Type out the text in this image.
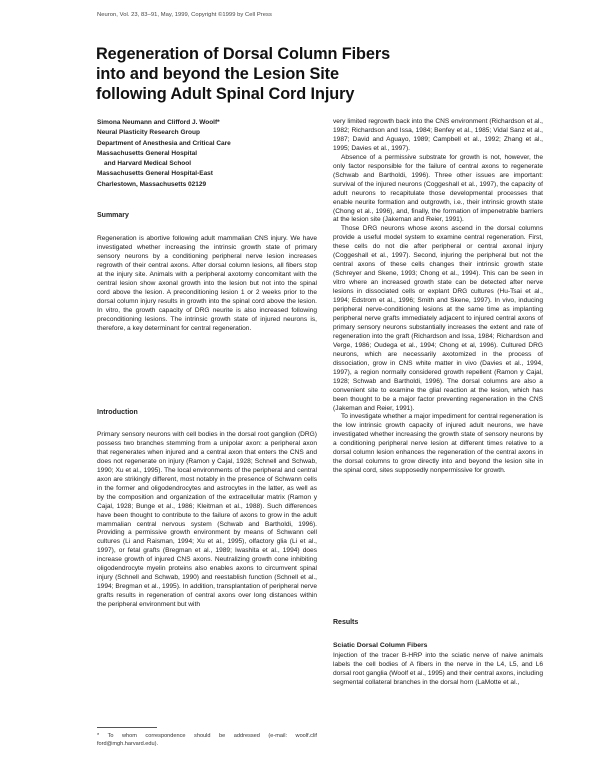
Neuron, Vol. 23, 83–91, May, 1999, Copyright ©1999 by Cell Press
Regeneration of Dorsal Column Fibers
into and beyond the Lesion Site
following Adult Spinal Cord Injury
Simona Neumann and Clifford J. Woolf*
Neural Plasticity Research Group
Department of Anesthesia and Critical Care
Massachusetts General Hospital
and Harvard Medical School
Massachusetts General Hospital-East
Charlestown, Massachusetts 02129
Summary

Regeneration is abortive following adult mammalian CNS injury. We have investigated whether increasing the intrinsic growth state of primary sensory neurons by a conditioning peripheral nerve lesion increases regrowth of their central axons. After dorsal column lesions, all fibers stop at the injury site. Animals with a peripheral axotomy concomitant with the central lesion show axonal growth into the lesion but not into the spinal cord above the lesion. A preconditioning lesion 1 or 2 weeks prior to the dorsal column injury results in growth into the spinal cord above the lesion. In vitro, the growth capacity of DRG neurite is also increased following preconditioning lesions. The intrinsic growth state of injured neurons is, therefore, a key determinant for central regeneration.

Introduction

Primary sensory neurons with cell bodies in the dorsal root ganglion (DRG) possess two branches stemming from a unipolar axon: a peripheral axon that regenerates when injured and a central axon that enters the CNS and does not regenerate on injury (Ramon y Cajal, 1928; Schnell and Schwab, 1990; Xu et al., 1995). The local environments of the peripheral and central axon are strikingly different, most notably in the presence of Schwann cells in the former and oligodendrocytes and astrocytes in the latter, as well as by the composition and organization of the extracellular matrix (Ramon y Cajal, 1928; Bunge et al., 1986; Kleitman et al., 1988). Such differences have been thought to contribute to the failure of axons to grow in the adult mammalian central nervous system (Schwab and Bartholdi, 1996). Providing a permissive growth environment by means of Schwann cell cultures (Li and Raisman, 1994; Xu et al., 1995), olfactory glia (Li et al., 1997), or fetal grafts (Bregman et al., 1989; Iwashita et al., 1994) does increase growth of injured CNS axons. Neutralizing growth cone inhibiting oligodendrocyte myelin proteins also enables axons to circumvent spinal injury (Schnell and Schwab, 1990) and reestablish function (Schnell et al., 1994; Bregman et al., 1995). In addition, transplantation of peripheral nerve grafts results in regeneration of central axons over long distances within the peripheral environment but with

* To whom correspondence should be addressed (e-mail: woolf.clif ford@mgh.harvard.edu).

very limited regrowth back into the CNS environment (Richardson et al., 1982; Richardson and Issa, 1984; Benfey et al., 1985; Vidal Sanz et al., 1987; David and Aguayo, 1989; Campbell et al., 1992; Zhang et al., 1995; Davies et al., 1997).

Absence of a permissive substrate for growth is not, however, the only factor responsible for the failure of central axons to regenerate (Schwab and Bartholdi, 1996). Three other issues are important: survival of the injured neurons (Coggeshall et al., 1997), the capacity of adult neurons to recapitulate those developmental processes that enable neurite formation and outgrowth, i.e., their intrinsic growth state (Chong et al., 1996), and, finally, the formation of impenetrable barriers at the lesion site (Jakeman and Reier, 1991).

Those DRG neurons whose axons ascend in the dorsal columns provide a useful model system to examine central regeneration. First, these cells do not die after peripheral or central axonal injury (Coggeshall et al., 1997). Second, injuring the peripheral but not the central axons of these cells changes their intrinsic growth state (Schreyer and Skene, 1993; Chong et al., 1994). This can be seen in vitro where an increased growth state can be detected after nerve lesions in dissociated cells or explant DRG cultures (Hu-Tsai et al., 1994; Edstrom et al., 1996; Smith and Skene, 1997). In vivo, inducing peripheral nerve-conditioning lesions at the same time as implanting peripheral nerve grafts immediately adjacent to injured central axons of primary sensory neurons substantially increases the extent and rate of regeneration into the graft (Richardson and Issa, 1984; Richardson and Verge, 1986; Oudega et al., 1994; Chong et al, 1996). Cultured DRG neurons, which are necessarily axotomized in the process of dissociation, grow in CNS white matter in vivo (Davies et al., 1994, 1997), a region normally considered growth repellent (Ramon y Cajal, 1928; Schwab and Bartholdi, 1996). The dorsal columns are also a convenient site to examine the glial reaction at the lesion, which has been thought to be a major factor preventing regeneration in the CNS (Jakeman and Reier, 1991).

To investigate whether a major impediment for central regeneration is the low intrinsic growth capacity of injured adult neurons, we have investigated whether increasing the growth state of sensory neurons by a conditioning peripheral nerve lesion at different times relative to a dorsal column lesion enhances the regeneration of the central axons in the dorsal columns to grow directly into and beyond the lesion site in the spinal cord, sites supposedly nonpermissive for growth.

Results
Sciatic Dorsal Column Fibers

Injection of the tracer B-HRP into the sciatic nerve of naive animals labels the cell bodies of A fibers in the nerve in the L4, L5, and L6 dorsal root ganglia (Woolf et al., 1995) and their central axons, including segmental collateral branches in the dorsal horn (LaMotte et al.,
